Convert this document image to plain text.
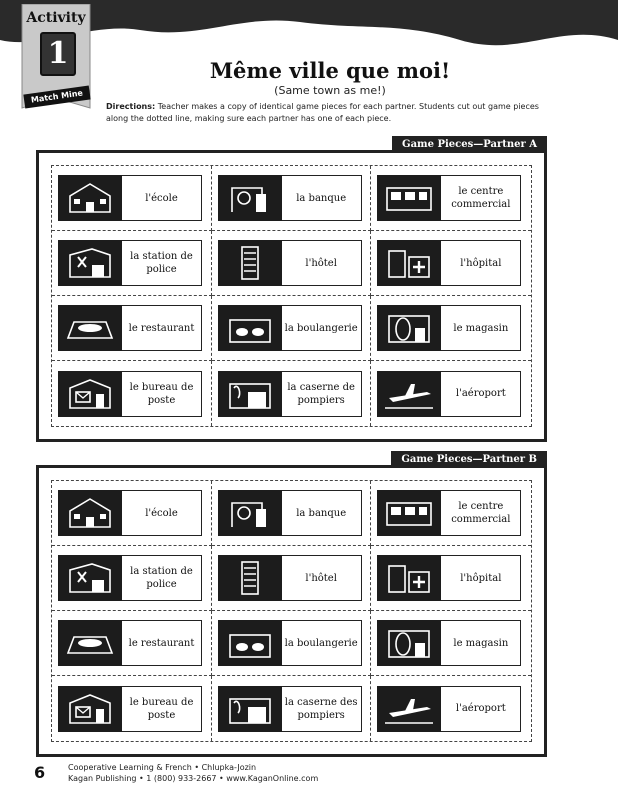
Activity
1
Match Mine
Même ville que moi!
(Same town as me!)
Directions: Teacher makes a copy of identical game pieces for each partner. Students cut out game pieces along the dotted line, making sure each partner has one of each piece.
Game Pieces—Partner A
l'école	la banque
le centre commercial
la station de police
l'hôtel	l'hôpital
le restaurant	la boulangerie	le magasin
le bureau de poste
la caserne de pompiers
l'aéroport
Game Pieces—Partner B
l'école	la banque
le centre commercial
la station de police
l'hôtel	l'hôpital
le restaurant	la boulangerie	le magasin
le bureau de poste
la caserne des pompiers
l'aéroport
6	Cooperative Learning & French • Chlupka-Jozin
Kagan Publishing • 1 (800) 933-2667 • www.KaganOnline.com
